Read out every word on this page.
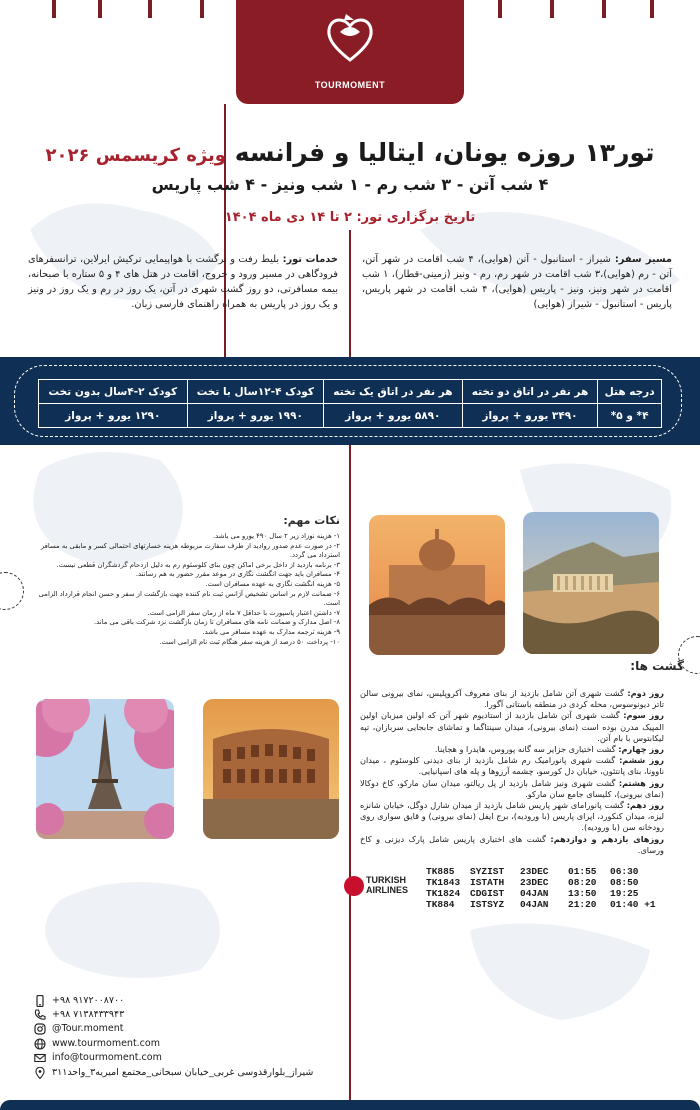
TOURMOMENT
تور۱۳ روزه یونان، ایتالیا و فرانسه ویژه کریسمس ۲۰۲۶
۴ شب آتن - ۳ شب رم - ۱ شب ونیز - ۴ شب پاریس
تاریخ برگزاری تور: ۲ تا ۱۴ دی ماه ۱۴۰۴
مسیر سفر: شیراز - استانبول - آتن (هوایی)، ۴ شب اقامت در شهر آتن، آتن - رم (هوایی)،۳ شب اقامت در شهر رم، رم - ونیز (زمینی-قطار)، ۱ شب اقامت در شهر ونیز، ونیز - پاریس (هوایی)، ۴ شب اقامت در شهر پاریس، پاریس - استانبول - شیراز (هوایی)
خدمات تور: بلیط رفت و برگشت با هواپیمایی ترکیش ایرلاین، ترانسفرهای فرودگاهی در مسیر ورود و خروج، اقامت در هتل های ۴ و ۵ ستاره با صبحانه، بیمه مسافرتی، دو روز گشت شهری در آتن، یک روز در رم و یک روز در ونیز و یک روز در پاریس به همراه راهنمای فارسی زبان.
درجه هتل	هر نفر در اتاق دو تخته	هر نفر در اتاق یک تخته	کودک ۴-۱۲سال با تخت	کودک ۲-۴سال بدون تخت
۴* و ۵*	۳۴۹۰ یورو + پرواز	۵۸۹۰ یورو + پرواز	۱۹۹۰ یورو + پرواز	۱۲۹۰ یورو + پرواز
نکات مهم:
۱- هزینه نوزاد زیر ۲ سال ۴۹۰ یورو می باشد.
۲- در صورت عدم صدور روادید از طرف سفارت مربوطه هزینه خسارتهای احتمالی کسر و مابقی به مسافر استرداد می گردد.
۳- برنامه بازدید از داخل برخی اماکن چون بنای کلوسئوم رم به دلیل ازدحام گردشگران قطعی نیست.
۴- مسافران باید جهت انگشت نگاری در موعد مقرر حضور به هم رسانند.
۵- هزینه انگشت نگاری به عهده مسافران است.
۶- ضمانت لازم بر اساس تشخیص آژانس ثبت نام کننده جهت بازگشت از سفر و حسن انجام قرارداد الزامی است.
۷- داشتن اعتبار پاسپورت با حداقل ۷ ماه از زمان سفر الزامی است.
۸- اصل مدارک و ضمانت نامه های مسافران تا زمان بازگشت نزد شرکت باقی می ماند.
۹- هزینه ترجمه مدارک به عهده مسافر می باشد.
۱۰- پرداخت ۵۰ درصد از هزینه سفر هنگام ثبت نام الزامی است.
گشت ها:
روز دوم: گشت شهری آتن شامل بازدید از بنای معروف آکروپلیس، نمای بیرونی سالن تاتر دیونوسوس، محله کردی در منطقه باستانی آگورا.
روز سوم: گشت شهری آتن شامل بازدید از استادیوم شهر آتن که اولین میزبان اولین المپیک مدرن بوده است (نمای بیرونی)، میدان سینتاگما و تماشای جابجایی سربازان، تپه لیکابتوس با بام آتن.
روز چهارم: گشت اختیاری جزایر سه گانه پوروس، هایدرا و هجاینا.
روز ششم: گشت شهری پانورامیک رم شامل بازدید از بنای دیدنی کلوسئوم ، میدان ناوونا، بنای پانتئون، خیابان دل کورسو، چشمه آرزوها و پله های اسپانیایی.
روز هشتم: گشت شهری ونیز شامل بازدید از پل ریالتو، میدان سان مارکو، کاخ دوکالا (نمای بیرونی)، کلیسای جامع سان مارکو.
روز دهم: گشت پانورامای شهر پاریس شامل بازدید از میدان شارل دوگل، خیابان شانزه لیزه، میدان کنکورد، اپرای پاریس (با ورودیه)، برج ایفل (نمای بیرونی) و قایق سواری روی رودخانه سن (با ورودیه).
روزهای یازدهم و دوازدهم: گشت های اختیاری پاریس شامل پارک دیزنی و کاخ ورسای.
TURKISH
AIRLINES
TK885	SYZIST	23DEC	01:55	06:30
TK1843	ISTATH	23DEC	08:20	08:50
TK1824	CDGIST	04JAN	13:50	19:25
TK884	ISTSYZ	04JAN	21:20	01:40 +1
+۹۸ ۹۱۷۲۰۰۸۷۰۰
+۹۸ ۷۱۳۸۴۳۳۹۴۳
@Tour.moment
www.tourmoment.com
info@tourmoment.com
شیراز_بلوارقدوسی غربی_خیابان سبحانی_مجتمع امیریه۳_واحد۳۱۱
